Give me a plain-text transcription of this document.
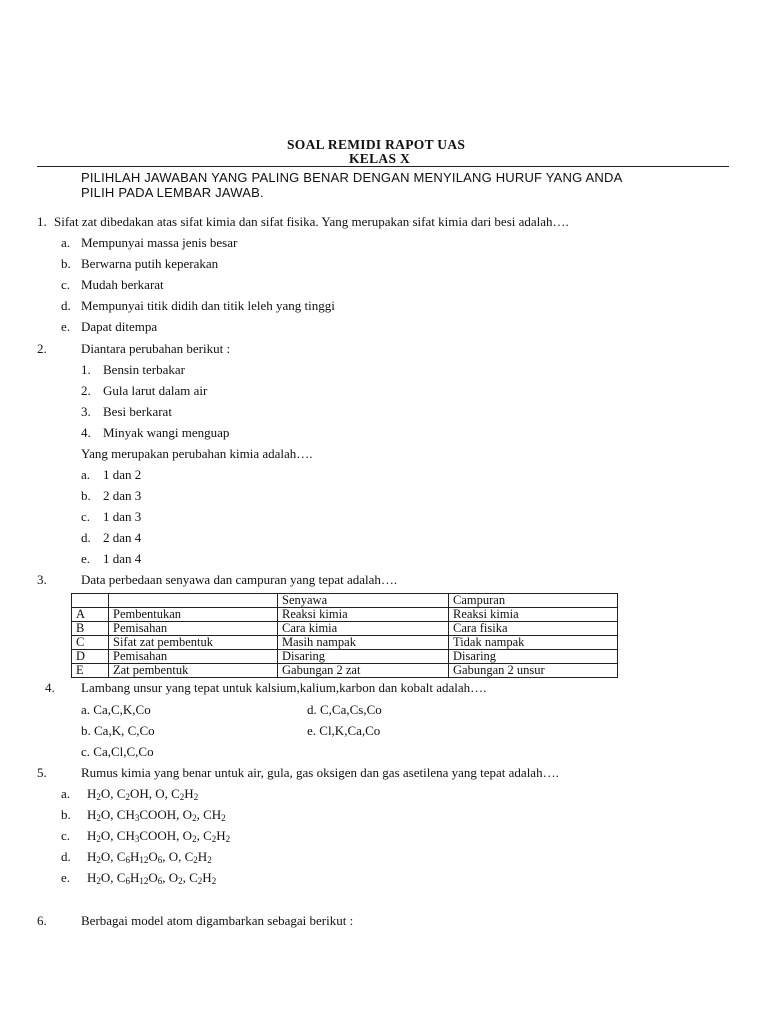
SOAL REMIDI RAPOT UAS
KELAS X
PILIHLAH JAWABAN YANG PALING BENAR DENGAN MENYILANG HURUF YANG ANDA
PILIH PADA LEMBAR JAWAB.
1. Sifat zat dibedakan atas sifat kimia dan sifat fisika. Yang merupakan sifat kimia dari besi adalah….
a. Mempunyai massa jenis besar
b. Berwarna putih keperakan
c. Mudah berkarat
d. Mempunyai titik didih dan titik leleh yang tinggi
e. Dapat ditempa
2.	Diantara perubahan berikut :
1. Bensin terbakar
2. Gula larut dalam air
3. Besi berkarat
4. Minyak wangi menguap
Yang merupakan perubahan kimia adalah….
a. 1 dan 2
b. 2 dan 3
c. 1 dan 3
d. 2 dan 4
e. 1 dan 4
3.	Data perbedaan senyawa dan campuran yang tepat adalah….
		Senyawa	Campuran
A	Pembentukan	Reaksi kimia	Reaksi kimia
B	Pemisahan	Cara kimia	Cara fisika
C	Sifat zat pembentuk	Masih nampak	Tidak nampak
D	Pemisahan	Disaring	Disaring
E	Zat pembentuk	Gabungan 2 zat	Gabungan 2 unsur
4. Lambang unsur yang tepat untuk kalsium,kalium,karbon dan kobalt adalah….
a. Ca,C,K,Co	d. C,Ca,Cs,Co
b. Ca,K, C,Co	e. Cl,K,Ca,Co
c. Ca,Cl,C,Co
5.	Rumus kimia yang benar untuk air, gula, gas oksigen dan gas asetilena yang tepat adalah….
a. $H_2O$, $C_2OH$, O, $C_2H_2$
b. $H_2O$, $CH_3COOH$, $O_2$, $CH_2$
c. $H_2O$, $CH_3COOH$, $O_2$, $C_2H_2$
d. $H_2O$, $C_6H_{12}O_6$, O, $C_2H_2$
e. $H_2O$, $C_6H_{12}O_6$, $O_2$, $C_2H_2$
6.	Berbagai model atom digambarkan sebagai berikut :
